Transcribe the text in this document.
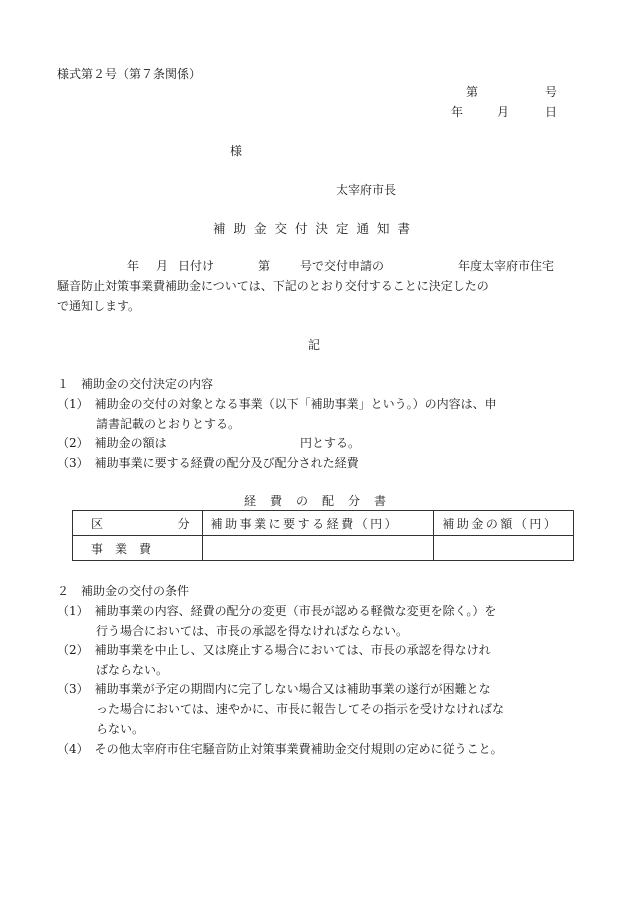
様式第２号（第７条関係）
第	号
年	月	日
様
太宰府市長
補助金交付決定通知書
年 月 日付け	第 号で交付申請の	年度太宰府市住宅
騒音防止対策事業費補助金については、下記のとおり交付することに決定したの
で通知します。
記
１　補助金の交付決定の内容
（1）　補助金の交付の対象となる事業（以下「補助事業」という。）の内容は、申
請書記載のとおりとする。
（2）　補助金の額は	円とする。
（3）　補助事業に要する経費の配分及び配分された経費
経費の配分書
区 分	補助事業に要する経費（円）	補助金の額（円）
事　業　費		
２　補助金の交付の条件
（1）　補助事業の内容、経費の配分の変更（市長が認める軽微な変更を除く。）を
行う場合においては、市長の承認を得なければならない。
（2）　補助事業を中止し、又は廃止する場合においては、市長の承認を得なけれ
ばならない。
（3）　補助事業が予定の期間内に完了しない場合又は補助事業の遂行が困難とな
った場合においては、速やかに、市長に報告してその指示を受けなければな
らない。
（4）　その他太宰府市住宅騒音防止対策事業費補助金交付規則の定めに従うこと。
